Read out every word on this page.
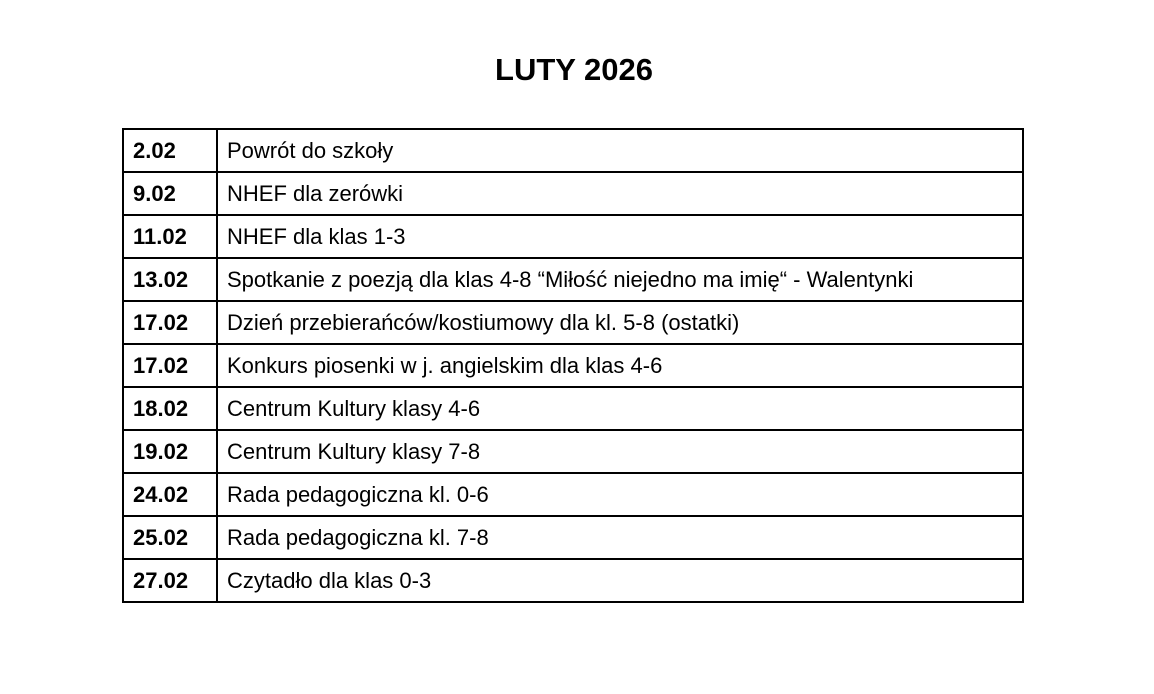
LUTY 2026
2.02	Powrót do szkoły
9.02	NHEF dla zerówki
11.02	NHEF dla klas 1-3
13.02	Spotkanie z poezją dla klas 4-8 “Miłość niejedno ma imię“ - Walentynki
17.02	Dzień przebierańców/kostiumowy dla kl. 5-8 (ostatki)
17.02	Konkurs piosenki w j. angielskim dla klas 4-6
18.02	Centrum Kultury klasy 4-6
19.02	Centrum Kultury klasy 7-8
24.02	Rada pedagogiczna kl. 0-6
25.02	Rada pedagogiczna kl. 7-8
27.02	Czytadło dla klas 0-3
